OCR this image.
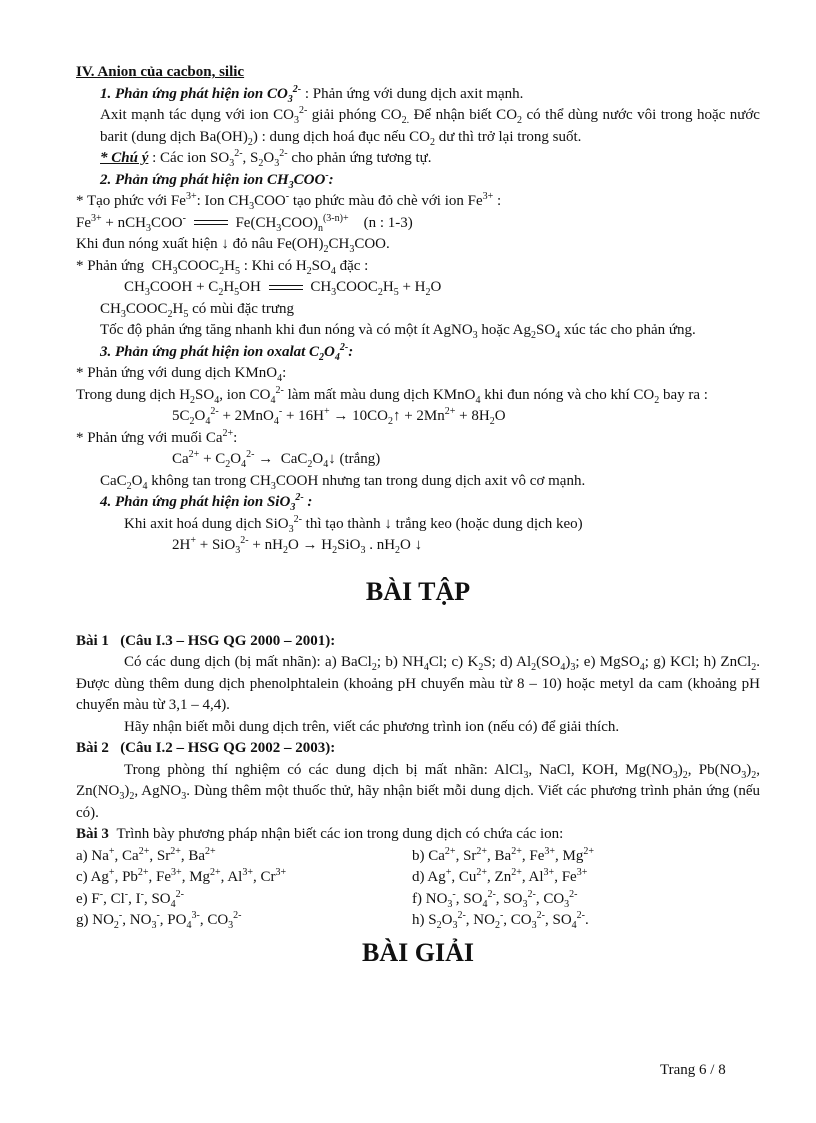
IV. Anion của cacbon, silic

1. Phản ứng phát hiện ion $CO_3^{2-}$ : Phản ứng với dung dịch axit mạnh.

Axit mạnh tác dụng với ion $CO_3^{2-}$ giải phóng $CO_{2.}$ Để nhận biết $CO_2$ có thể dùng nước vôi trong hoặc nước barit (dung dịch $Ba(OH)_2$) : dung dịch hoá đục nếu $CO_2$ dư thì trở lại trong suốt.

* Chú ý : Các ion $SO_3^{2-}$, $S_2O_3^{2-}$ cho phản ứng tương tự.

2. Phản ứng phát hiện ion $CH_3COO^-$:

* Tạo phức với $Fe^{3+}$: Ion $CH_3COO^-$ tạo phức màu đỏ chè với ion $Fe^{3+}$ :

$Fe^{3+} + nCH_3COO^-$	$Fe(CH_3COO)_n^{(3-n)+}$    (n : 1-3)

Khi đun nóng xuất hiện ↓ đỏ nâu $Fe(OH)_2CH_3COO$.

* Phản ứng  $CH_3COOC_2H_5$ : Khi có $H_2SO_4$ đặc :

$CH_3COOH + C_2H_5OH$	$CH_3COOC_2H_5 + H_2O$

$CH_3COOC_2H_5$ có mùi đặc trưng

Tốc độ phản ứng tăng nhanh khi đun nóng và có một ít AgNO$_3$ hoặc $Ag_2SO_4$ xúc tác cho phản ứng.

3. Phản ứng phát hiện ion oxalat $C_2O_4^{2-}$:

* Phản ứng với dung dịch KMnO$_4$:

Trong dung dịch $H_2SO_4$, ion $CO_4^{2-}$ làm mất màu dung dịch KMnO$_4$ khi đun nóng và cho khí $CO_2$ bay ra :

$5C_2O_4^{2-} + 2MnO_4^- + 16H^+$ → $10CO_2↑ + 2Mn^{2+} + 8H_2O$

* Phản ứng với muối $Ca^{2+}$:

$Ca^{2+} + C_2O_4^{2-}$ →  $CaC_2O_4↓$ (trắng)

$CaC_2O_4$ không tan trong $CH_3COOH$ nhưng tan trong dung dịch axit vô cơ mạnh.

4. Phản ứng phát hiện ion SiO$_3^{2-}$ :

Khi axit hoá dung dịch SiO$_3^{2-}$ thì tạo thành ↓ trắng keo (hoặc dung dịch keo)

$2H^+ + SiO_3^{2-} + nH_2O \to H_2SiO_3$ . $nH_2O$ ↓

BÀI TẬP

Bài 1 (Câu I.3 – HSG QG 2000 – 2001):

Có các dung dịch (bị mất nhãn): a) BaCl$_2$; b) $NH_4Cl$; c) $K_2S$; d) $Al_2(SO_4)_3$; e) MgSO$_4$; g) KCl; h) ZnCl$_2$. Được dùng thêm dung dịch phenolphtalein (khoảng pH chuyển màu từ 8 – 10) hoặc metyl da cam (khoảng pH chuyển màu từ 3,1 – 4,4).

Hãy nhận biết mỗi dung dịch trên, viết các phương trình ion (nếu có) để giải thích.

Bài 2 (Câu I.2 – HSG QG 2002 – 2003):

Trong phòng thí nghiệm có các dung dịch bị mất nhãn: AlCl$_3$, NaCl, KOH, $Mg(NO_3)_2$, $Pb(NO_3)_2$, $Zn(NO_3)_2$, AgNO$_3$. Dùng thêm một thuốc thử, hãy nhận biết mỗi dung dịch. Viết các phương trình phản ứng (nếu có).

Bài 3 Trình bày phương pháp nhận biết các ion trong dung dịch có chứa các ion:

a) Na+, $Ca^{2+}$, $Sr^{2+}$, $Ba^{2+}$	b) $Ca^{2+}$, $Sr^{2+}$, $Ba^{2+}$, $Fe^{3+}$, $Mg^{2+}$
c) Ag+, $Pb^{2+}$, $Fe^{3+}$, $Mg^{2+}$, $Al^{3+}$, $Cr^{3+}$	d) Ag+, $Cu^{2+}$, $Zn^{2+}$, $Al^{3+}$, $Fe^{3+}$
e) F-, Cl-, I-, $SO_4^{2-}$	f) $NO_3^-$, $SO_4^{2-}$, $SO_3^{2-}$, $CO_3^{2-}$
g) $NO_2^-$, $NO_3^-$, $PO_4^{3-}$, $CO_3^{2-}$	h) $S_2O_3^{2-}$, $NO_2^-$, $CO_3^{2-}$, $SO_4^{2-}$.

BÀI GIẢI

Trang 6 / 8
